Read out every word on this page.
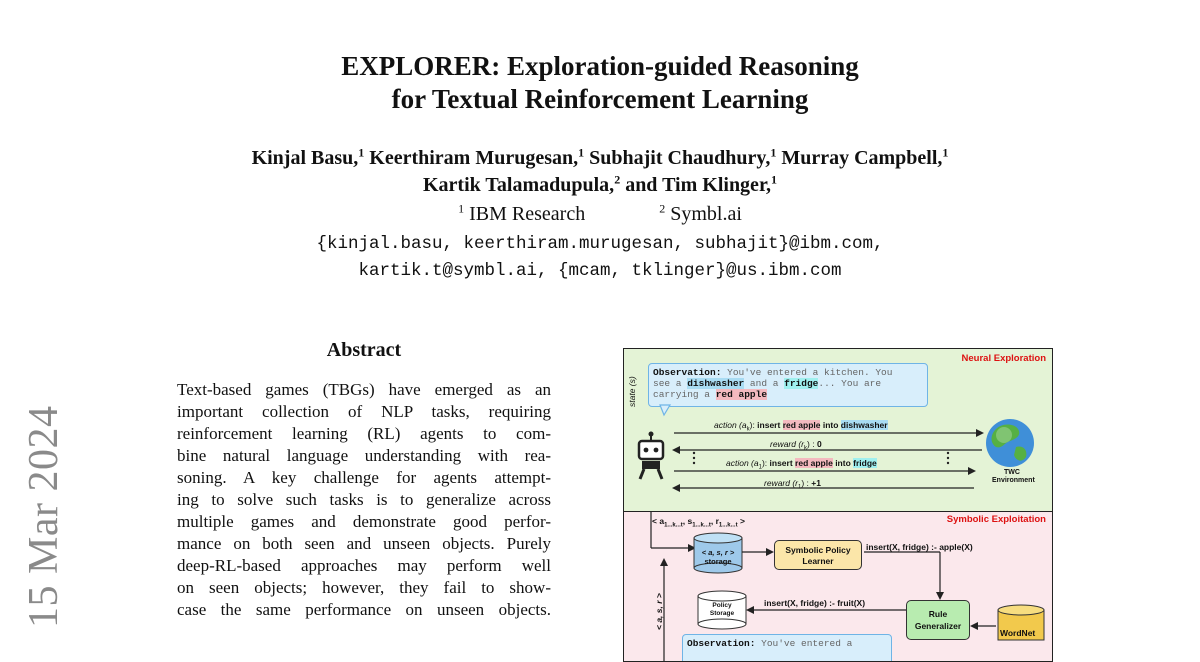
15 Mar 2024
EXPLORER: Exploration-guided Reasoning
for Textual Reinforcement Learning
Kinjal Basu,$^1$ Keerthiram Murugesan,$^1$ Subhajit Chaudhury,$^1$ Murray Campbell,$^1$
Kartik Talamadupula,$^2$ and Tim Klinger,$^1$
$^1$ IBM Research	$^2$ Symbl.ai
{kinjal.basu, keerthiram.murugesan, subhajit}@ibm.com,
kartik.t@symbl.ai, {mcam, tklinger}@us.ibm.com
Abstract
Text-based games (TBGs) have emerged as an
important collection of NLP tasks, requiring
reinforcement learning (RL) agents to com-
bine natural language understanding with rea-
soning. A key challenge for agents attempt-
ing to solve such tasks is to generalize across
multiple games and demonstrate good perfor-
mance on both seen and unseen objects. Purely
deep-RL-based approaches may perform well
on seen objects; however, they fail to show-
case the same performance on unseen objects.
Neural Exploration
state (s)
Observation: You've entered a kitchen. You
see a dishwasher and a fridge... You are
carrying a red apple
action $(a_k)$: insert red apple into dishwasher
reward $(r_k)$ : 0
action $(a_1)$: insert red apple into fridge
reward $(r_1)$ : +1
TWC
Environment
Symbolic Exploitation
< $a_{1...k...t}$, $s_{1...k...t}$, $r_{1...k...t}$ >
< a, s, r >
storage
Symbolic Policy
Learner
insert(X, fridge) :- apple(X)
insert(X, fridge) :- fruit(X)
Policy
Storage	Rule
Generalizer
WordNet
< a, s, r >
Observation: You've entered a
